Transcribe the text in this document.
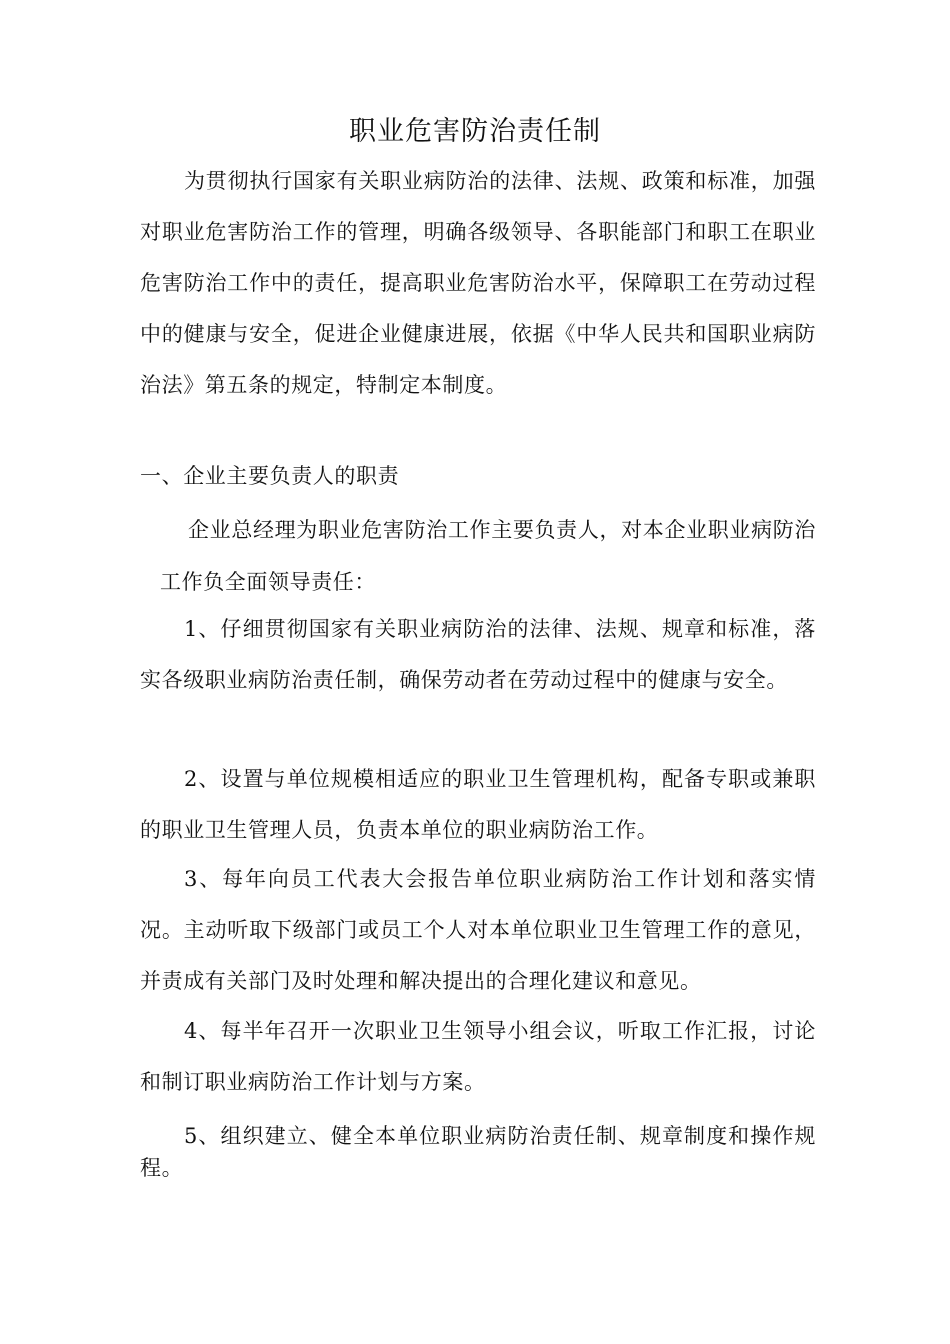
职业危害防治责任制

为贯彻执行国家有关职业病防治的法律、法规、政策和标准，加强对职业危害防治工作的管理，明确各级领导、各职能部门和职工在职业危害防治工作中的责任，提高职业危害防治水平，保障职工在劳动过程中的健康与安全，促进企业健康进展，依据《中华人民共和国职业病防治法》第五条的规定，特制定本制度。

一、企业主要负责人的职责

企业总经理为职业危害防治工作主要负责人，对本企业职业病防治工作负全面领导责任：

1、仔细贯彻国家有关职业病防治的法律、法规、规章和标准，落实各级职业病防治责任制，确保劳动者在劳动过程中的健康与安全。

2、设置与单位规模相适应的职业卫生管理机构，配备专职或兼职的职业卫生管理人员，负责本单位的职业病防治工作。

3、每年向员工代表大会报告单位职业病防治工作计划和落实情况。主动听取下级部门或员工个人对本单位职业卫生管理工作的意见，并责成有关部门及时处理和解决提出的合理化建议和意见。

4、每半年召开一次职业卫生领导小组会议，听取工作汇报，讨论和制订职业病防治工作计划与方案。

5、组织建立、健全本单位职业病防治责任制、规章制度和操作规程。
